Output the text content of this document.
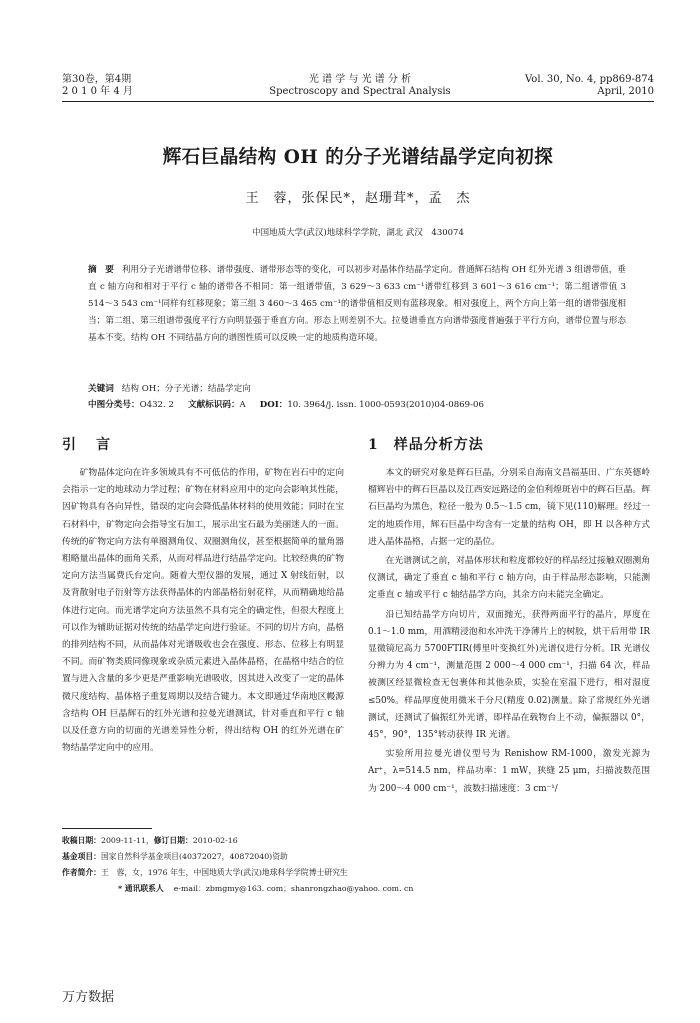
第30卷，第4期
2 0 1 0 年 4 月
光 谱 学 与 光 谱 分 析
Spectroscopy and Spectral Analysis
Vol. 30, No. 4, pp869-874
April, 2010
辉石巨晶结构 OH 的分子光谱结晶学定向初探
王　蓉，张保民*，赵珊茸*，孟　杰
中国地质大学(武汉)地球科学学院，湖北 武汉　430074
摘　要 利用分子光谱谱带位移、谱带强度、谱带形态等的变化，可以初步对晶体作结晶学定向。普通辉石结构 OH 红外光谱 3 组谱带值，垂直 c 轴方向和相对于平行 c 轴的谱带各不相同：第一组谱带值，3 629～3 633 cm⁻¹谱带红移到 3 601～3 616 cm⁻¹；第二组谱带值 3 514～3 543 cm⁻¹同样有红移现象；第三组 3 460～3 465 cm⁻¹的谱带值相反则有蓝移现象。相对强度上，两个方向上第一组的谱带强度相当；第二组、第三组谱带强度平行方向明显强于垂直方向。形态上则差别不大。拉曼谱垂直方向谱带强度普遍强于平行方向，谱带位置与形态基本不变。结构 OH 不同结晶方向的谱图性质可以反映一定的地质构造环境。
关键词 结构 OH；分子光谱；结晶学定向
中图分类号：O432. 2 文献标识码：A DOI：10. 3964/j. issn. 1000-0593(2010)04-0869-06
引　言	1　样品分析方法

矿物晶体定向在许多领域具有不可低估的作用，矿物在岩石中的定向会指示一定的地球动力学过程；矿物在材料应用中的定向会影响其性能，因矿物具有各向异性，错误的定向会降低晶体材料的使用效能；同时在宝石材料中，矿物定向会指导宝石加工，展示出宝石最为美丽迷人的一面。传统的矿物定向方法有单圈测角仪、双圈测角仪，甚至根据简单的量角器粗略量出晶体的面角关系，从而对样品进行结晶学定向。比较经典的矿物定向方法当属费氏台定向。随着大型仪器的发展，通过 X 射线衍射，以及背散射电子衍射等方法获得晶体的内部晶格衍射花样，从而精确地给晶体进行定向。而光谱学定向方法虽然不具有完全的确定性，但很大程度上可以作为辅助证据对传统的结晶学定向进行验证。不同的切片方向，晶格的排列结构不同，从而晶体对光谱吸收也会在强度、形态、位移上有明显不同。而矿物类质同像现象或杂质元素进入晶体晶格，在晶格中结合的位置与进入含量的多少更是严重影响光谱吸收，因其进入改变了一定的晶体微尺度结构、晶体格子重复周期以及结合键力。本文即通过华南地区幔源含结构 OH 巨晶辉石的红外光谱和拉曼光谱测试，针对垂直和平行 c 轴以及任意方向的切面的光谱差异性分析，得出结构 OH 的红外光谱在矿物结晶学定向中的应用。

本文的研究对象是辉石巨晶，分别采自海南文昌福基田、广东英德岭榴辉岩中的辉石巨晶以及江西安远路迳的金伯利煌斑岩中的辉石巨晶。辉石巨晶均为黑色，粒径一般为 0.5～1.5 cm，镜下见(110)解理。经过一定的地质作用，辉石巨晶中均含有一定量的结构 OH，即 H 以各种方式进入晶体晶格，占据一定的晶位。

在光谱测试之前，对晶体形状和粒度都较好的样品经过接触双圈测角仪测试，确定了垂直 c 轴和平行 c 轴方向，由于样品形态影响，只能测定垂直 c 轴或平行 c 轴结晶学方向，其余方向未能完全确定。

沿已知结晶学方向切片，双面抛光，获得两面平行的晶片，厚度在 0.1～1.0 mm，用酒精浸泡和水冲洗干净薄片上的树胶，烘干后用带 IR 显微镜尼高力 5700FTIR(傅里叶变换红外)光谱仪进行分析。IR 光谱仪分辨力为 4 cm⁻¹，测量范围 2 000～4 000 cm⁻¹，扫描 64 次，样品被测区经显微检查无包裹体和其他杂质，实验在室温下进行，相对湿度≤50%。样品厚度使用微米千分尺(精度 0.02)测量。除了常规红外光谱测试，还测试了偏振红外光谱，即样品在载物台上不动，偏振器以 0°，45°，90°，135°转动获得 IR 光谱。

实验所用拉曼光谱仪型号为 Renishow RM-1000，激发光源为 Ar⁺，λ=514.5 nm，样品功率：1 mW，狭缝 25 μm，扫描波数范围为 200～4 000 cm⁻¹，波数扫描速度：3 cm⁻¹/

收稿日期：2009-11-11，修订日期：2010-02-16
基金项目：国家自然科学基金项目(40372027，40872040)资助
作者简介：王　蓉，女，1976 年生，中国地质大学(武汉)地球科学学院博士研究生
* 通讯联系人 e-mail：zbmgmy@163. com；shanrongzhao@yahoo. com. cn
万方数据
